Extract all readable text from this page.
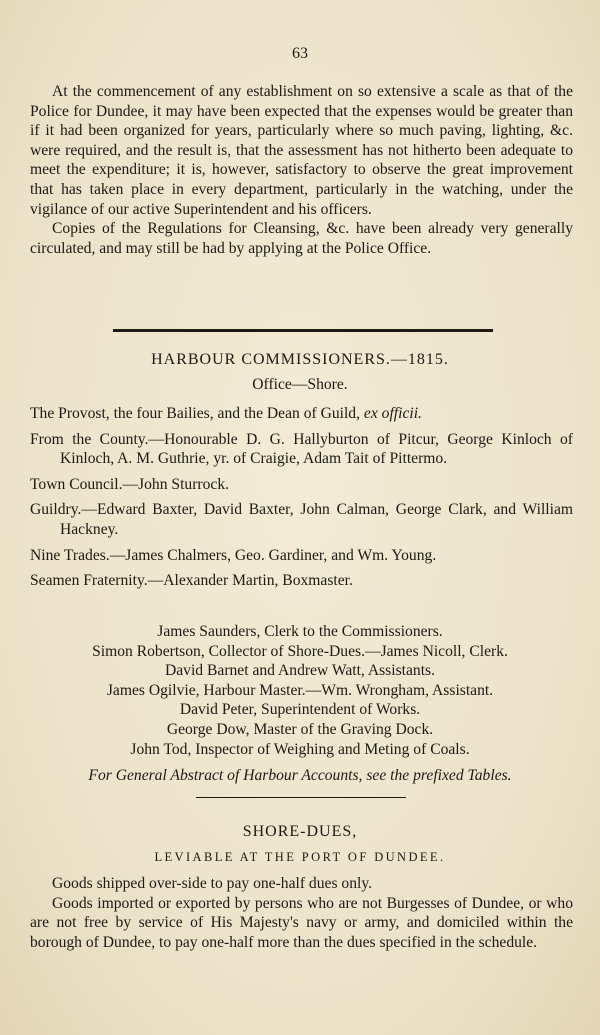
63

At the commencement of any establishment on so extensive a scale as that of the Police for Dundee, it may have been expected that the expenses would be greater than if it had been organized for years, particularly where so much paving, lighting, &c. were required, and the result is, that the assessment has not hitherto been adequate to meet the expenditure; it is, however, satisfactory to observe the great improvement that has taken place in every department, particularly in the watching, under the vigilance of our active Superintendent and his officers.

Copies of the Regulations for Cleansing, &c. have been already very generally circulated, and may still be had by applying at the Police Office.

HARBOUR COMMISSIONERS.—1815.
Office—Shore.

The Provost, the four Bailies, and the Dean of Guild, ex officii.

From the County.—Honourable D. G. Hallyburton of Pitcur, George Kinloch of Kinloch, A. M. Guthrie, yr. of Craigie, Adam Tait of Pittermo.

Town Council.—John Sturrock.

Guildry.—Edward Baxter, David Baxter, John Calman, George Clark, and William Hackney.

Nine Trades.—James Chalmers, Geo. Gardiner, and Wm. Young.

Seamen Fraternity.—Alexander Martin, Boxmaster.

James Saunders, Clerk to the Commissioners.
Simon Robertson, Collector of Shore-Dues.—James Nicoll, Clerk.
David Barnet and Andrew Watt, Assistants.
James Ogilvie, Harbour Master.—Wm. Wrongham, Assistant.
David Peter, Superintendent of Works.
George Dow, Master of the Graving Dock.
John Tod, Inspector of Weighing and Meting of Coals.
For General Abstract of Harbour Accounts, see the prefixed Tables.
SHORE-DUES,
LEVIABLE AT THE PORT OF DUNDEE.

Goods shipped over-side to pay one-half dues only.

Goods imported or exported by persons who are not Burgesses of Dundee, or who are not free by service of His Majesty's navy or army, and domiciled within the borough of Dundee, to pay one-half more than the dues specified in the schedule.
